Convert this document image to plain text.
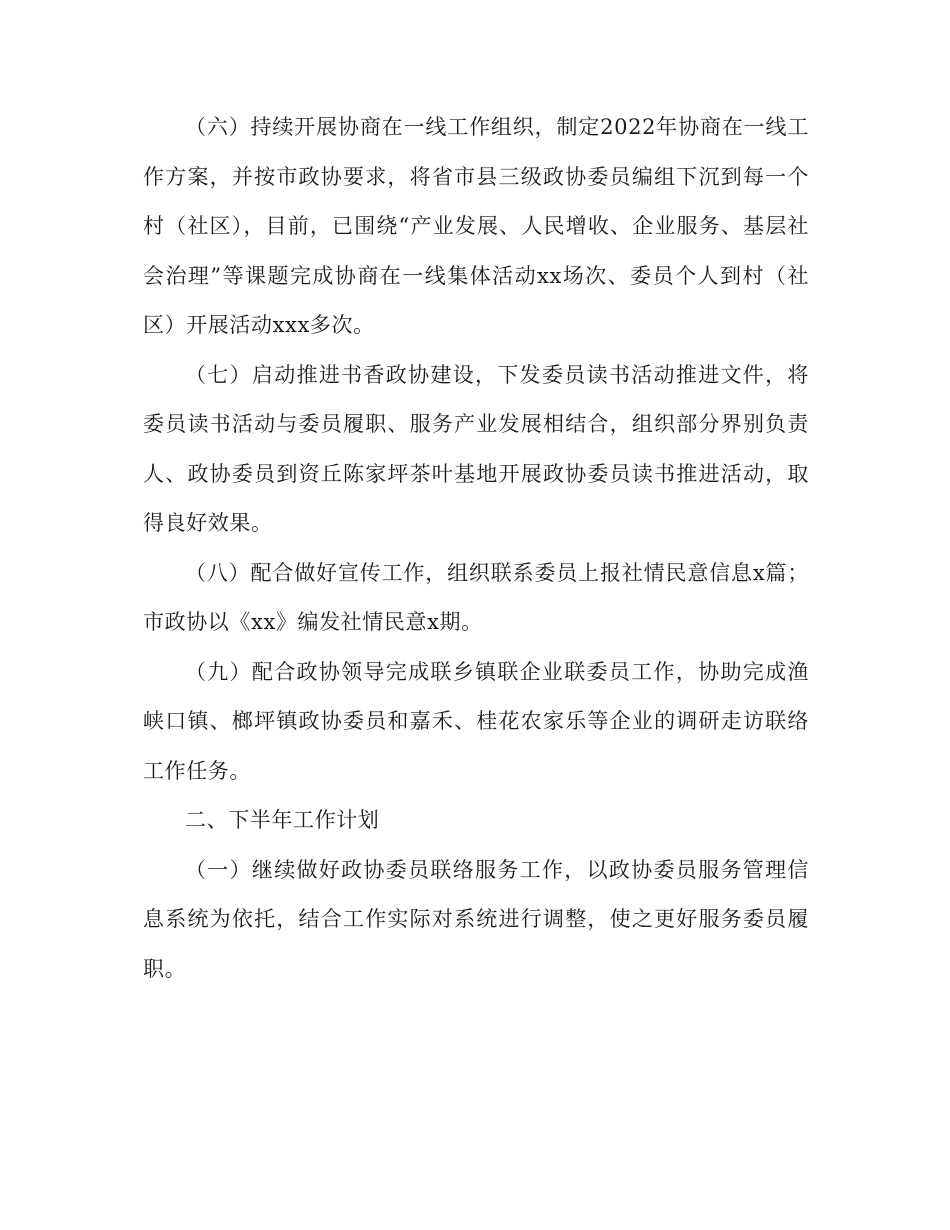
（六）持续开展协商在一线工作组织，制定2022年协商在一线工作方案，并按市政协要求，将省市县三级政协委员编组下沉到每一个村（社区），目前，已围绕“产业发展、人民增收、企业服务、基层社会治理”等课题完成协商在一线集体活动xx场次、委员个人到村（社区）开展活动xxx多次。

（七）启动推进书香政协建设，下发委员读书活动推进文件，将委员读书活动与委员履职、服务产业发展相结合，组织部分界别负责人、政协委员到资丘陈家坪茶叶基地开展政协委员读书推进活动，取得良好效果。

（八）配合做好宣传工作，组织联系委员上报社情民意信息x篇；市政协以《xx》编发社情民意x期。

（九）配合政协领导完成联乡镇联企业联委员工作，协助完成渔峡口镇、榔坪镇政协委员和嘉禾、桂花农家乐等企业的调研走访联络工作任务。

二、下半年工作计划

（一）继续做好政协委员联络服务工作，以政协委员服务管理信息系统为依托，结合工作实际对系统进行调整，使之更好服务委员履职。
